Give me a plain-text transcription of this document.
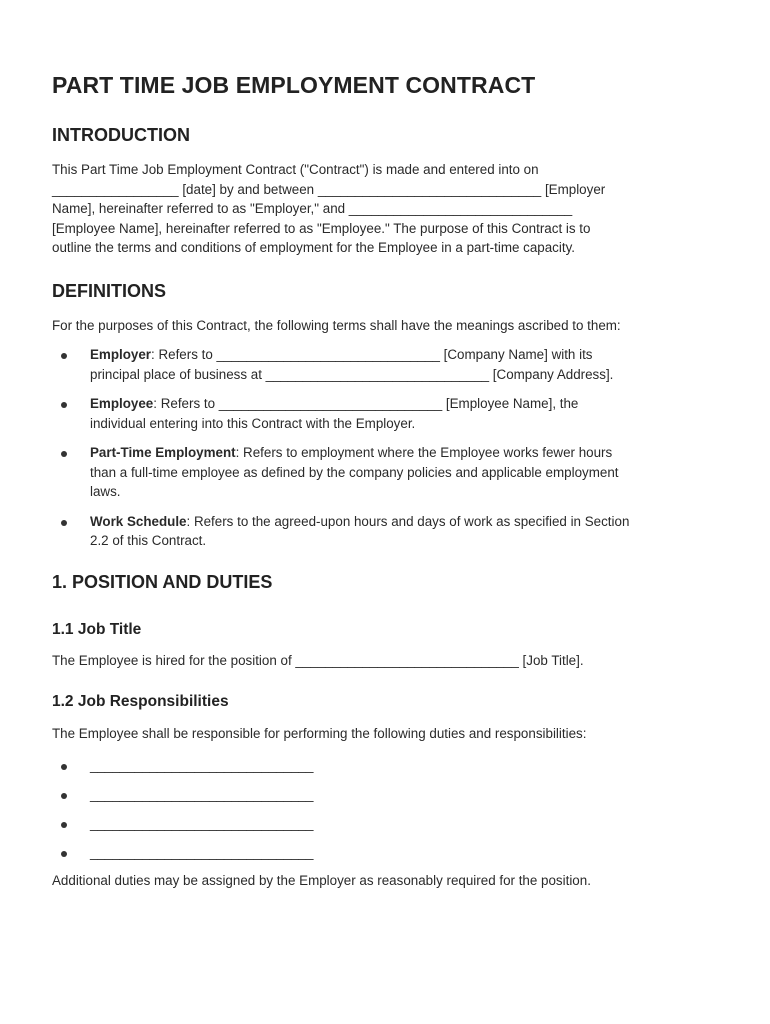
PART TIME JOB EMPLOYMENT CONTRACT
INTRODUCTION
This Part Time Job Employment Contract ("Contract") is made and entered into on
_________________ [date] by and between ______________________________ [Employer
Name], hereinafter referred to as "Employer," and ______________________________
[Employee Name], hereinafter referred to as "Employee." The purpose of this Contract is to
outline the terms and conditions of employment for the Employee in a part-time capacity.
DEFINITIONS

For the purposes of this Contract, the following terms shall have the meanings ascribed to them:

Employer: Refers to ______________________________ [Company Name] with its
principal place of business at ______________________________ [Company Address].
Employee: Refers to ______________________________ [Employee Name], the
individual entering into this Contract with the Employer.
Part-Time Employment: Refers to employment where the Employee works fewer hours
than a full-time employee as defined by the company policies and applicable employment
laws.
Work Schedule: Refers to the agreed-upon hours and days of work as specified in Section
2.2 of this Contract.
1. POSITION AND DUTIES
1.1 Job Title

The Employee is hired for the position of ______________________________ [Job Title].

1.2 Job Responsibilities

The Employee shall be responsible for performing the following duties and responsibilities:

______________________________
______________________________
______________________________
______________________________

Additional duties may be assigned by the Employer as reasonably required for the position.
